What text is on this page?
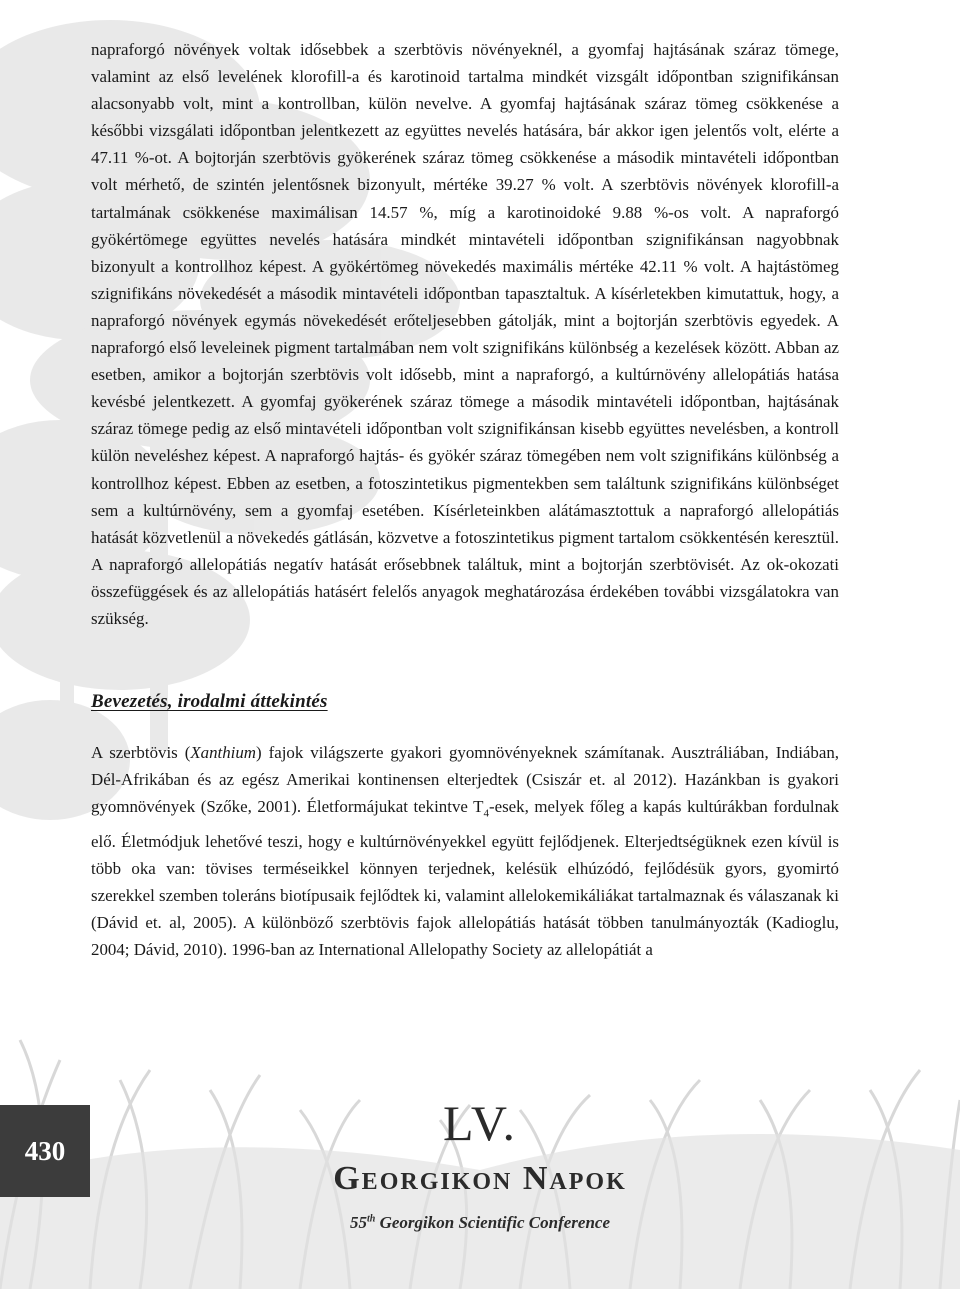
napraforgó növények voltak idősebbek a szerbtövis növényeknél, a gyomfaj hajtásának száraz tömege, valamint az első levelének klorofill-a és karotinoid tartalma mindkét vizsgált időpontban szignifikánsan alacsonyabb volt, mint a kontrollban, külön nevelve. A gyomfaj hajtásának száraz tömeg csökkenése a későbbi vizsgálati időpontban jelentkezett az együttes nevelés hatására, bár akkor igen jelentős volt, elérte a 47.11 %-ot. A bojtorján szerbtövis gyökerének száraz tömeg csökkenése a második mintavételi időpontban volt mérhető, de szintén jelentősnek bizonyult, mértéke 39.27 % volt. A szerbtövis növények klorofill-a tartalmának csökkenése maximálisan 14.57 %, míg a karotinoidoké 9.88 %-os volt. A napraforgó gyökértömege együttes nevelés hatására mindkét mintavételi időpontban szignifikánsan nagyobbnak bizonyult a kontrollhoz képest. A gyökértömeg növekedés maximális mértéke 42.11 % volt. A hajtástömeg szignifikáns növekedését a második mintavételi időpontban tapasztaltuk. A kísérletekben kimutattuk, hogy, a napraforgó növények egymás növekedését erőteljesebben gátolják, mint a bojtorján szerbtövis egyedek. A napraforgó első leveleinek pigment tartalmában nem volt szignifikáns különbség a kezelések között. Abban az esetben, amikor a bojtorján szerbtövis volt idősebb, mint a napraforgó, a kultúrnövény allelopátiás hatása kevésbé jelentkezett. A gyomfaj gyökerének száraz tömege a második mintavételi időpontban, hajtásának száraz tömege pedig az első mintavételi időpontban volt szignifikánsan kisebb együttes nevelésben, a kontroll külön neveléshez képest. A napraforgó hajtás- és gyökér száraz tömegében nem volt szignifikáns különbség a kontrollhoz képest. Ebben az esetben, a fotoszintetikus pigmentekben sem találtunk szignifikáns különbséget sem a kultúrnövény, sem a gyomfaj esetében. Kísérleteinkben alátámasztottuk a napraforgó allelopátiás hatását közvetlenül a növekedés gátlásán, közvetve a fotoszintetikus pigment tartalom csökkentésén keresztül. A napraforgó allelopátiás negatív hatását erősebbnek találtuk, mint a bojtorján szerbtövisét. Az ok-okozati összefüggések és az allelopátiás hatásért felelős anyagok meghatározása érdekében további vizsgálatokra van szükség.

Bevezetés, irodalmi áttekintés

A szerbtövis (Xanthium) fajok világszerte gyakori gyomnövényeknek számítanak. Ausztráliában, Indiában, Dél-Afrikában és az egész Amerikai kontinensen elterjedtek (Csiszár et. al 2012). Hazánkban is gyakori gyomnövények (Szőke, 2001). Életformájukat tekintve $T_4$-esek, melyek főleg a kapás kultúrákban fordulnak elő. Életmódjuk lehetővé teszi, hogy e kultúrnövényekkel együtt fejlődjenek. Elterjedtségüknek ezen kívül is több oka van: tövises terméseikkel könnyen terjednek, kelésük elhúzódó, fejlődésük gyors, gyomirtó szerekkel szemben toleráns biotípusaik fejlődtek ki, valamint allelokemikáliákat tartalmaznak és válaszanak ki (Dávid et. al, 2005). A különböző szerbtövis fajok allelopátiás hatását többen tanulmányozták (Kadioglu, 2004; Dávid, 2010). 1996-ban az International Allelopathy Society az allelopátiát a

430	LV.
Georgikon Napok
55th Georgikon Scientific Conference
